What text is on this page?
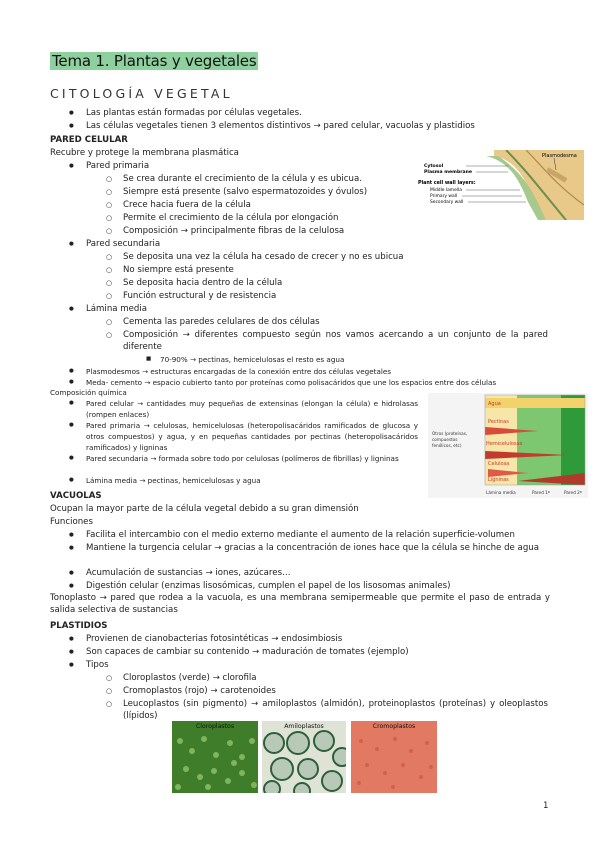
Tema 1. Plantas y vegetales
CITOLOGÍA VEGETAL
● Las plantas están formadas por células vegetales.
● Las células vegetales tienen 3 elementos distintivos → pared celular, vacuolas y plastidios
PARED CELULAR
Recubre y protege la membrana plasmática
● Pared primaria
○ Se crea durante el crecimiento de la célula y es ubicua.
○ Siempre está presente (salvo espermatozoides y óvulos)
○ Crece hacia fuera de la célula
○ Permite el crecimiento de la célula por elongación
○ Composición → principalmente fibras de la celulosa
● Pared secundaria
○ Se deposita una vez la célula ha cesado de crecer y no es ubicua
○ No siempre está presente
○ Se deposita hacia dentro de la célula
○ Función estructural y de resistencia
● Lámina media
○ Cementa las paredes celulares de dos células
○ Composición → diferentes compuesto según nos vamos acercando a un conjunto de la pared diferente
■ 70-90% → pectinas, hemicelulosas el resto es agua
● Plasmodesmos → estructuras encargadas de la conexión entre dos células vegetales
● Meda- cemento → espacio cubierto tanto por proteínas como polisacáridos que une los espacios entre dos células
Composición química
● Pared celular → cantidades muy pequeñas de extensinas (elongan la célula) e hidrolasas (rompen enlaces)
● Pared primaria → celulosas, hemicelulosas (heteropolisacáridos ramificados de glucosa y otros compuestos) y agua, y en pequeñas cantidades por pectinas (heteropolisacáridos ramificados) y ligninas
● Pared secundaria → formada sobre todo por celulosas (polímeros de fibrillas) y ligninas
● Lámina media → pectinas, hemicelulosas y agua
Plasmodesma
Cytosol
Plasma membrane
Plant cell wall layers:
Middle lamella
Primary wall
Secondary wall
Agua
Pectinas
Hemicelulosas
Celulosa
Ligninas
Otros (proteínas,
compuestos
fenólicos, etc)
Lámina media	Pared 1ª	Pared 2ª
VACUOLAS
Ocupan la mayor parte de la célula vegetal debido a su gran dimensión
Funciones
● Facilita el intercambio con el medio externo mediante el aumento de la relación superficie-volumen
● Mantiene la turgencia celular → gracias a la concentración de iones hace que la célula se hinche de agua
● Acumulación de sustancias → iones, azúcares…
● Digestión celular (enzimas lisosómicas, cumplen el papel de los lisosomas animales)
Tonoplasto → pared que rodea a la vacuola, es una membrana semipermeable que permite el paso de entrada y salida selectiva de sustancias
PLASTIDIOS
● Provienen de cianobacterias fotosintéticas → endosimbiosis
● Son capaces de cambiar su contenido → maduración de tomates (ejemplo)
● Tipos
○ Cloroplastos (verde) → clorofila
○ Cromoplastos (rojo) → carotenoides
○ Leucoplastos (sin pigmento) → amiloplastos (almidón), proteinoplastos (proteínas) y oleoplastos (lípidos)
Cloroplastos	Amiloplastos	Cromoplastos
1
